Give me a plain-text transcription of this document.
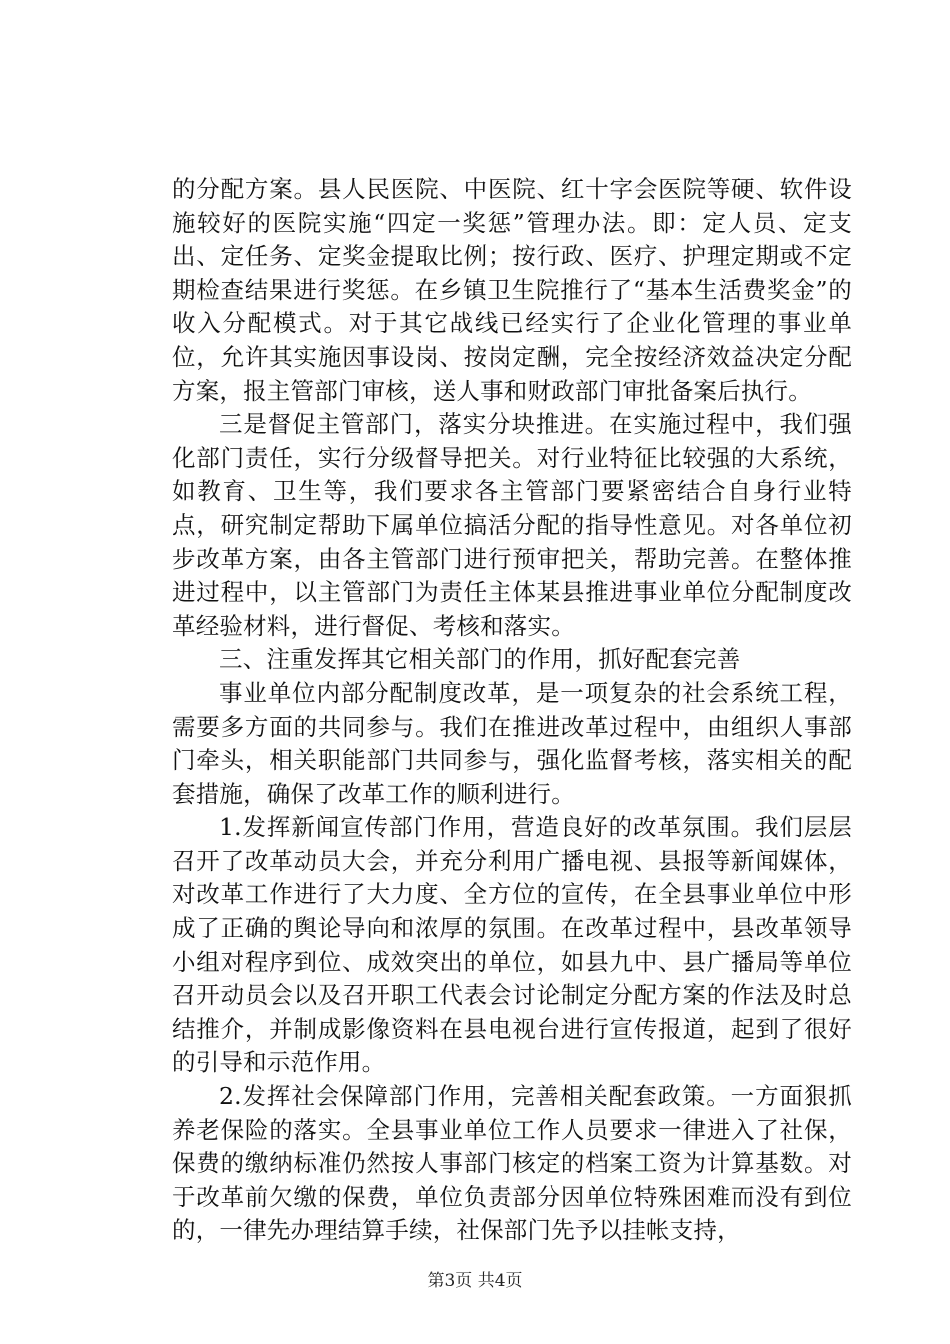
的分配方案。县人民医院、中医院、红十字会医院等硬、软件设施较好的医院实施“四定一奖惩”管理办法。即：定人员、定支出、定任务、定奖金提取比例；按行政、医疗、护理定期或不定期检查结果进行奖惩。在乡镇卫生院推行了“基本生活费奖金”的收入分配模式。对于其它战线已经实行了企业化管理的事业单位，允许其实施因事设岗、按岗定酬，完全按经济效益决定分配方案，报主管部门审核，送人事和财政部门审批备案后执行。

三是督促主管部门，落实分块推进。在实施过程中，我们强化部门责任，实行分级督导把关。对行业特征比较强的大系统，如教育、卫生等，我们要求各主管部门要紧密结合自身行业特点，研究制定帮助下属单位搞活分配的指导性意见。对各单位初步改革方案，由各主管部门进行预审把关，帮助完善。在整体推进过程中，以主管部门为责任主体某县推进事业单位分配制度改革经验材料，进行督促、考核和落实。

三、注重发挥其它相关部门的作用，抓好配套完善

事业单位内部分配制度改革，是一项复杂的社会系统工程，需要多方面的共同参与。我们在推进改革过程中，由组织人事部门牵头，相关职能部门共同参与，强化监督考核，落实相关的配套措施，确保了改革工作的顺利进行。

1.发挥新闻宣传部门作用，营造良好的改革氛围。我们层层召开了改革动员大会，并充分利用广播电视、县报等新闻媒体，对改革工作进行了大力度、全方位的宣传，在全县事业单位中形成了正确的舆论导向和浓厚的氛围。在改革过程中，县改革领导小组对程序到位、成效突出的单位，如县九中、县广播局等单位召开动员会以及召开职工代表会讨论制定分配方案的作法及时总结推介，并制成影像资料在县电视台进行宣传报道，起到了很好的引导和示范作用。

2.发挥社会保障部门作用，完善相关配套政策。一方面狠抓养老保险的落实。全县事业单位工作人员要求一律进入了社保，保费的缴纳标准仍然按人事部门核定的档案工资为计算基数。对于改革前欠缴的保费，单位负责部分因单位特殊困难而没有到位的，一律先办理结算手续，社保部门先予以挂帐支持，

第3页 共4页
